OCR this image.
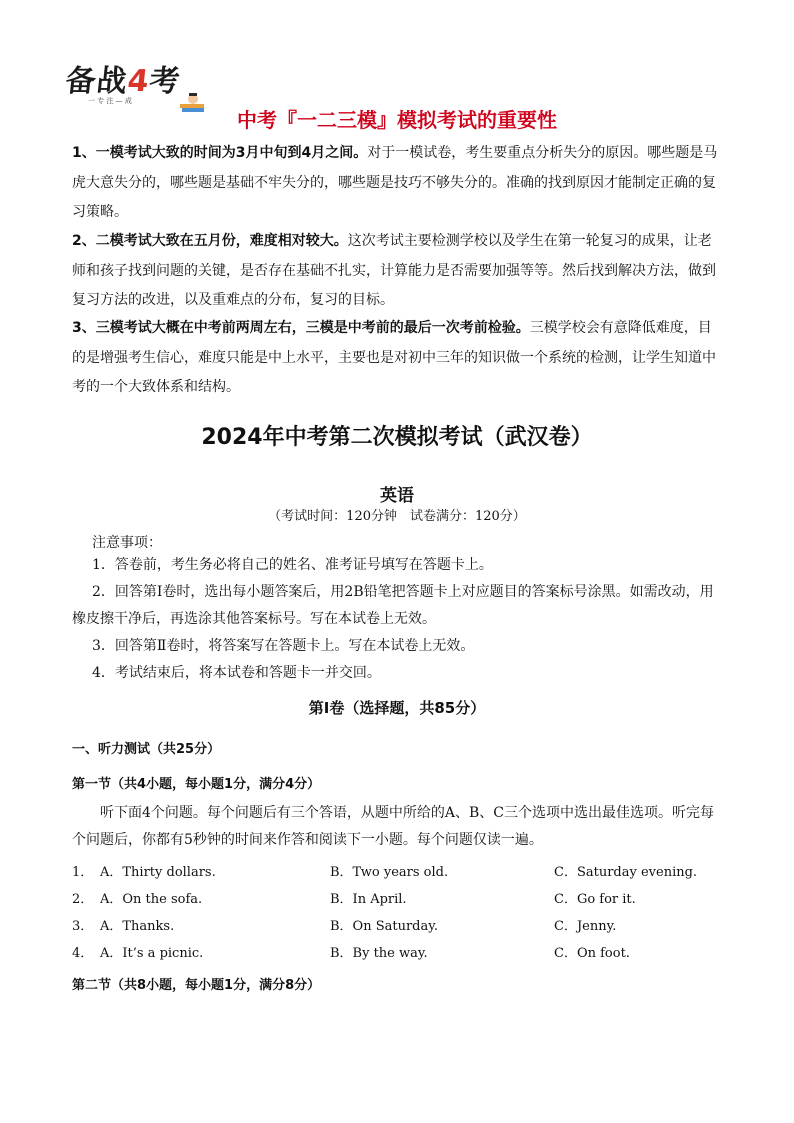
备战4考
一 专 注 — 成
中考『一二三模』模拟考试的重要性
1、一模考试大致的时间为3月中旬到4月之间。对于一模试卷，考生要重点分析失分的原因。哪些题是马虎大意失分的，哪些题是基础不牢失分的，哪些题是技巧不够失分的。准确的找到原因才能制定正确的复习策略。
2、二模考试大致在五月份，难度相对较大。这次考试主要检测学校以及学生在第一轮复习的成果，让老师和孩子找到问题的关键，是否存在基础不扎实，计算能力是否需要加强等等。然后找到解决方法，做到复习方法的改进，以及重难点的分布，复习的目标。
3、三模考试大概在中考前两周左右，三模是中考前的最后一次考前检验。三模学校会有意降低难度，目的是增强考生信心，难度只能是中上水平，主要也是对初中三年的知识做一个系统的检测，让学生知道中考的一个大致体系和结构。
2024年中考第二次模拟考试（武汉卷）
英语
（考试时间：120分钟　试卷满分：120分）
注意事项：
1．答卷前，考生务必将自己的姓名、准考证号填写在答题卡上。
2．回答第Ⅰ卷时，选出每小题答案后，用2B铅笔把答题卡上对应题目的答案标号涂黑。如需改动，用橡皮擦干净后，再选涂其他答案标号。写在本试卷上无效。
3．回答第Ⅱ卷时，将答案写在答题卡上。写在本试卷上无效。
4．考试结束后，将本试卷和答题卡一并交回。
第Ⅰ卷（选择题，共85分）
一、听力测试（共25分）
第一节（共4小题，每小题1分，满分4分）
听下面4个问题。每个问题后有三个答语，从题中所给的A、B、C三个选项中选出最佳选项。听完每个问题后，你都有5秒钟的时间来作答和阅读下一小题。每个问题仅读一遍。
1． A．Thirty dollars.	B．Two years old.	C．Saturday evening.
2． A．On the sofa.	B．In April.	C．Go for it.
3． A．Thanks.	B．On Saturday.	C．Jenny.
4． A．It’s a picnic.	B．By the way.	C．On foot.
第二节（共8小题，每小题1分，满分8分）
